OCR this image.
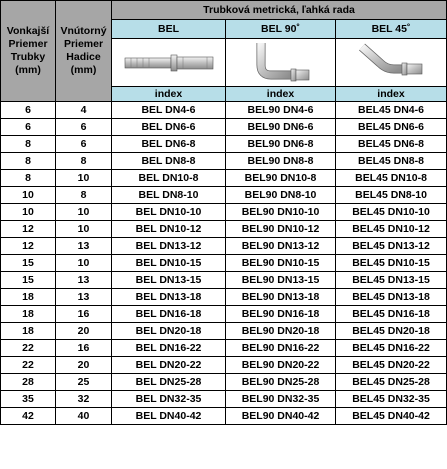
Vonkajší Priemer Trubky (mm)	Vnútorný Priemer Hadice (mm)	Trubková metrická, ľahká rada		
		BEL	BEL 90˚	BEL 45˚

		index	index	index
6	4	BEL DN4-6	BEL90 DN4-6	BEL45 DN4-6
6	6	BEL DN6-6	BEL90 DN6-6	BEL45 DN6-6
8	6	BEL DN6-8	BEL90 DN6-8	BEL45 DN6-8
8	8	BEL DN8-8	BEL90 DN8-8	BEL45 DN8-8
8	10	BEL DN10-8	BEL90 DN10-8	BEL45 DN10-8
10	8	BEL DN8-10	BEL90 DN8-10	BEL45 DN8-10
10	10	BEL DN10-10	BEL90 DN10-10	BEL45 DN10-10
12	10	BEL DN10-12	BEL90 DN10-12	BEL45 DN10-12
12	13	BEL DN13-12	BEL90 DN13-12	BEL45 DN13-12
15	10	BEL DN10-15	BEL90 DN10-15	BEL45 DN10-15
15	13	BEL DN13-15	BEL90 DN13-15	BEL45 DN13-15
18	13	BEL DN13-18	BEL90 DN13-18	BEL45 DN13-18
18	16	BEL DN16-18	BEL90 DN16-18	BEL45 DN16-18
18	20	BEL DN20-18	BEL90 DN20-18	BEL45 DN20-18
22	16	BEL DN16-22	BEL90 DN16-22	BEL45 DN16-22
22	20	BEL DN20-22	BEL90 DN20-22	BEL45 DN20-22
28	25	BEL DN25-28	BEL90 DN25-28	BEL45 DN25-28
35	32	BEL DN32-35	BEL90 DN32-35	BEL45 DN32-35
42	40	BEL DN40-42	BEL90 DN40-42	BEL45 DN40-42
